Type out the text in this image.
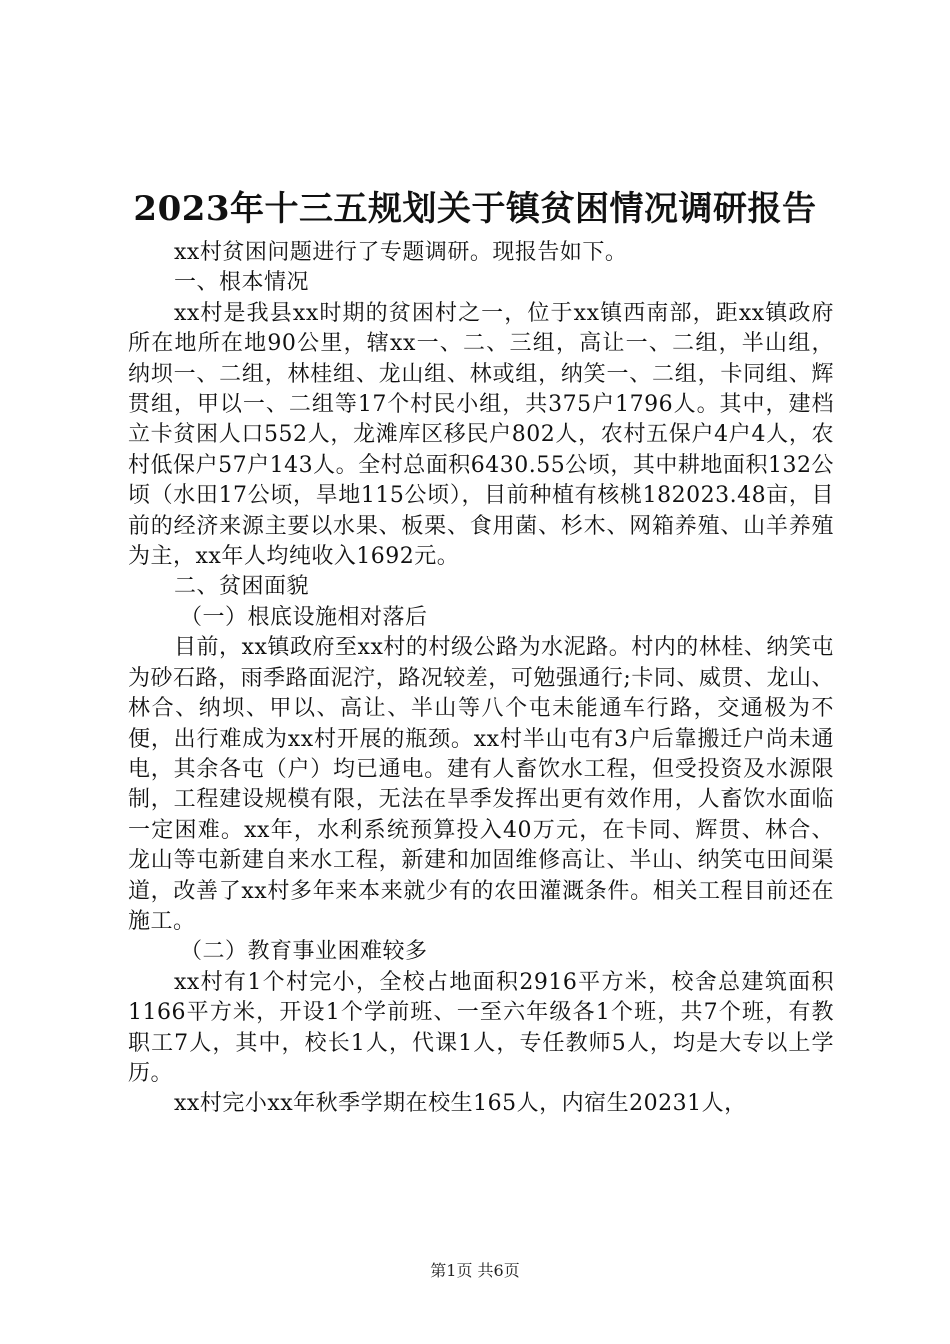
2023年十三五规划关于镇贫困情况调研报告

xx村贫困问题进行了专题调研。现报告如下。

一、根本情况

xx村是我县xx时期的贫困村之一，位于xx镇西南部，距xx镇政府所在地所在地90公里，辖xx一、二、三组，高让一、二组，半山组，纳坝一、二组，林桂组、龙山组、林或组，纳笑一、二组，卡同组、辉贯组，甲以一、二组等17个村民小组，共375户1796人。其中，建档立卡贫困人口552人，龙滩库区移民户802人，农村五保户4户4人，农村低保户57户143人。全村总面积6430.55公顷，其中耕地面积132公顷（水田17公顷，旱地115公顷），目前种植有核桃182023.48亩，目前的经济来源主要以水果、板栗、食用菌、杉木、网箱养殖、山羊养殖为主，xx年人均纯收入1692元。

二、贫困面貌

（一）根底设施相对落后

目前，xx镇政府至xx村的村级公路为水泥路。村内的林桂、纳笑屯为砂石路，雨季路面泥泞，路况较差，可勉强通行;卡同、威贯、龙山、林合、纳坝、甲以、高让、半山等八个屯未能通车行路，交通极为不便，出行难成为xx村开展的瓶颈。xx村半山屯有3户后靠搬迁户尚未通电，其余各屯（户）均已通电。建有人畜饮水工程，但受投资及水源限制，工程建设规模有限，无法在旱季发挥出更有效作用，人畜饮水面临一定困难。xx年，水利系统预算投入40万元，在卡同、辉贯、林合、龙山等屯新建自来水工程，新建和加固维修高让、半山、纳笑屯田间渠道，改善了xx村多年来本来就少有的农田灌溉条件。相关工程目前还在施工。

（二）教育事业困难较多

xx村有1个村完小，全校占地面积2916平方米，校舍总建筑面积1166平方米，开设1个学前班、一至六年级各1个班，共7个班，有教职工7人，其中，校长1人，代课1人，专任教师5人，均是大专以上学历。

xx村完小xx年秋季学期在校生165人，内宿生20231人，

第1页 共6页
